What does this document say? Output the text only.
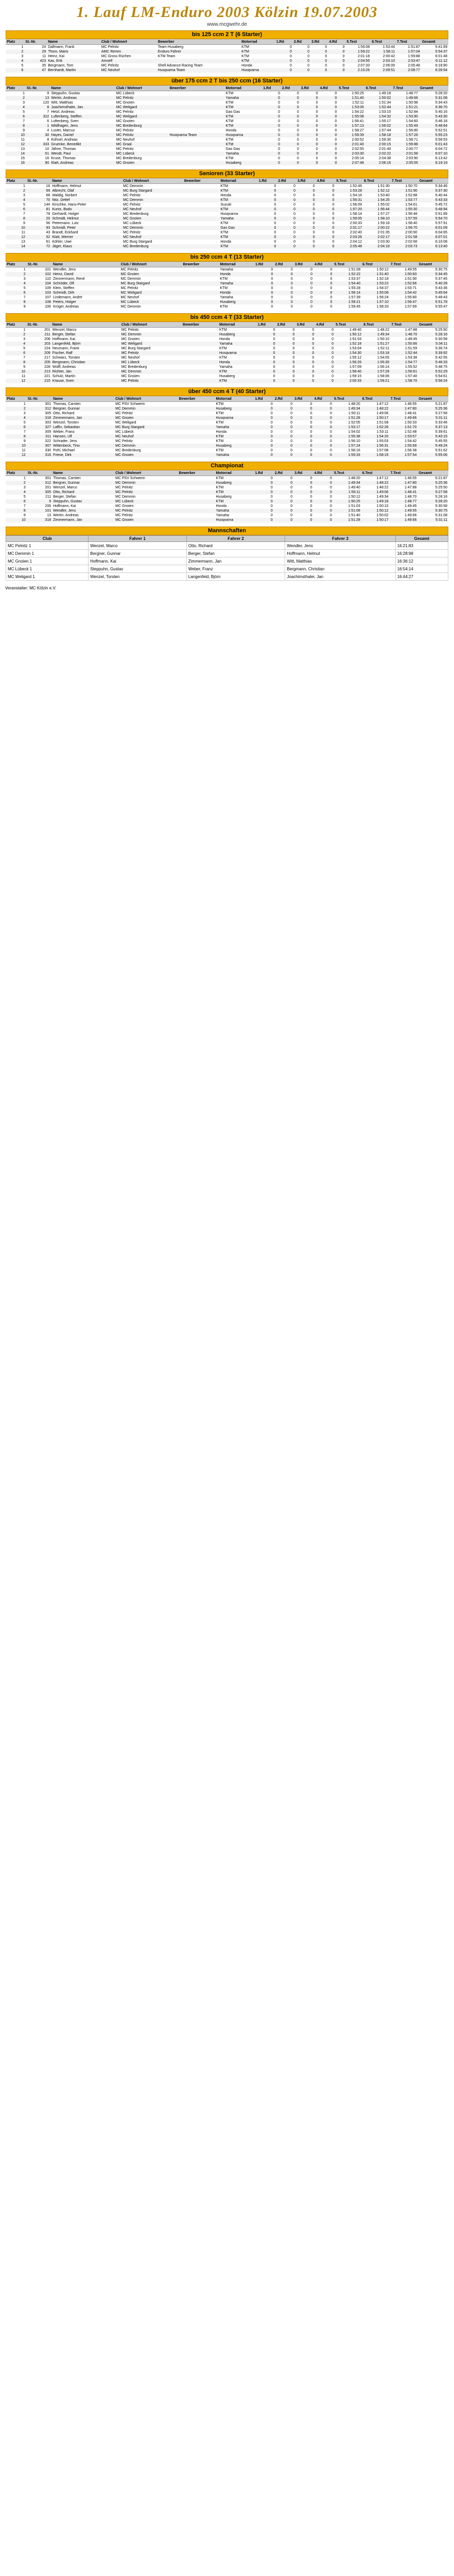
1. Lauf LM-Enduro 2003 Kölzin 19.07.2003
www.mcgwehr.de
bis 125 ccm 2 T (6 Starter)
Platz	St.-Nr.	Name	Club / Wohnort	Bewerber	Motorrad	1.Rd	2.Rd	3.Rd	4.Rd	5.Test	6.Test	7.Test	Gesamt
1	24	Dallmann, Frank	MC Pelnitz	Team Husaberg	KTM	0	0	0	0	1:56:08	1:53:44	1:51:87	5:41:69
2	29	Thom, Mario	AMC Remm	Enduro Fahrer	KTM	0	0	0	0	1:59:22	1:58:11	1:57:04	5:54:37
3	11	Heinz, Kai	MC Gross Rüchen	KTM Team	KTM	0	0	0	0	2:01:18	2:00:42	1:59:88	6:01:48
4	423	Kas, Erik	Amself		KTM	0	0	0	0	2:04:55	2:03:10	2:03:47	6:11:12
5	35	Bergmann, Tom	MC Pelnitz	Shell Advance Racing Team	Honda	0	0	0	0	2:07:33	2:06:09	2:05:48	6:18:90
6	47	Bernhardt, Martin	MC Neuhof	Husqvarna Team	Husqvarna	0	0	0	0	2:10:26	2:09:51	2:08:77	6:28:54
über 175 ccm 2 T bis 250 ccm (16 Starter)
Platz	St.-Nr.	Name	Club / Wohnort	Bewerber	Motorrad	1.Rd	2.Rd	3.Rd	4.Rd	5.Test	6.Test	7.Test	Gesamt
1	9	Steppuhn, Gustav	MC Lübeck		KTM	0	0	0	0	1:50:25	1:49:18	1:48:77	5:28:20
2	13	Wertin, Andreas	MC Pelnitz		Yamaha	0	0	0	0	1:51:40	1:50:02	1:49:66	5:31:08
3	120	Witt, Matthias	MC Gnoien		KTM	0	0	0	0	1:52:11	1:51:34	1:50:98	5:34:43
4	8	Joachimsthaler, Jan	MC Weligard		KTM	0	0	0	0	1:53:05	1:52:44	1:51:21	5:36:70
5	7	Hetzl, Andreas	MC Pelnitz		Gas Gas	0	0	0	0	1:54:22	1:53:10	1:52:84	5:40:16
6	322	Luftenberg, Steffen	MC Weligard		KTM	0	0	0	0	1:55:08	1:54:32	1:53:90	5:43:30
7	6	Luftenberg, Sven	MC Gnoien		KTM	0	0	0	0	1:56:41	1:55:17	1:54:60	5:46:18
8	1	Wildhagen, Jens	MC Bredenburg		KTM	0	0	0	0	1:57:13	1:56:02	1:55:49	5:48:64
9	4	Luster, Marcus	MC Pelnitz		Honda	0	0	0	0	1:58:27	1:57:44	1:56:80	5:52:51
10	30	Hayes, Daniel	MC Pelnitz	Husqvarna Team	Husqvarna	0	0	0	0	1:59:39	1:58:18	1:57:26	5:55:23
11	8	Kühnel, Andreas	MC Neuhof		KTM	0	0	0	0	2:00:52	1:59:30	1:58:71	5:58:53
12	333	Gruenke, Benedikt	MC Graal		KTM	0	0	0	0	2:01:40	2:00:15	1:59:88	6:01:43
13	10	Jähne, Thomas	MC Pelnitz		Gas Gas	0	0	0	0	2:02:55	2:01:40	2:00:77	6:04:72
14	51	Wendt, Paul	MC Lübeck		Yamaha	0	0	0	0	2:03:30	2:02:22	2:01:58	6:07:10
15	16	Kruse, Thomas	MC Bredenburg		KTM	0	0	0	0	2:05:14	2:04:38	2:03:90	6:13:42
16	90	Klatt, Andreas	MC Gnoien		Husaberg	0	0	0	0	2:07:48	2:06:16	2:05:55	6:19:19
Senioren (33 Starter)
Platz	St.-Nr.	Name	Club / Wohnort	Bewerber	Motorrad	1.Rd	2.Rd	3.Rd	4.Rd	5.Test	6.Test	7.Test	Gesamt
1	16	Hoffmann, Helmut	MC Demmin		KTM	0	0	0	0	1:52:46	1:51:30	1:50:70	5:34:46
2	69	Albrecht, Olaf	MC Burg Stargard		KTM	0	0	0	0	1:53:28	1:52:12	1:51:90	5:37:30
3	68	Waldig, Norbert	MC Pelnitz		Honda	0	0	0	0	1:54:16	1:53:40	1:52:88	5:40:44
4	70	Nitz, Detlef	MC Demmin		KTM	0	0	0	0	1:55:31	1:54:25	1:53:77	5:43:33
5	144	Kirschke, Hans-Peter	MC Pelnitz		Suzuki	0	0	0	0	1:56:09	1:55:02	1:54:61	5:45:72
6	81	Kuntz, Bodo	MC Neuhof		KTM	0	0	0	0	1:57:20	1:56:44	1:55:30	5:48:94
7	78	Gerhardt, Holger	MC Bredenburg		Husqvarna	0	0	0	0	1:58:14	1:57:27	1:56:48	5:51:89
8	20	Schmidt, Helmut	MC Gnoien		Yamaha	0	0	0	0	1:59:05	1:58:10	1:57:55	5:54:70
9	56	Petermann, Lutz	MC Lübeck		KTM	0	0	0	0	2:00:33	1:59:18	1:58:40	5:57:91
10	93	Schmidt, Peter	MC Demmin		Gas Gas	0	0	0	0	2:01:17	2:00:22	1:59:70	6:01:09
11	43	Brandt, Eckhard	MC Pelnitz		KTM	0	0	0	0	2:02:40	2:01:35	2:00:90	6:04:65
12	52	Klatt, Werner	MC Neuhof		KTM	0	0	0	0	2:03:26	2:02:17	2:01:58	6:07:01
13	61	Köhler, Uwe	MC Burg Stargard		Honda	0	0	0	0	2:04:12	2:03:30	2:02:66	6:10:08
14	72	Jäger, Klaus	MC Bredenburg		KTM	0	0	0	0	2:05:48	2:04:19	2:03:73	6:13:40
bis 250 ccm 4 T (13 Starter)
Platz	St.-Nr.	Name	Club / Wohnort	Bewerber	Motorrad	1.Rd	2.Rd	3.Rd	4.Rd	5.Test	6.Test	7.Test	Gesamt
1	101	Wendler, Jens	MC Pelnitz		Yamaha	0	0	0	0	1:51:08	1:50:12	1:49:55	5:30:75
2	102	Heinz, David	MC Gnoien		Honda	0	0	0	0	1:52:22	1:51:40	1:50:83	5:34:45
3	110	Zimmermann, René	MC Demmin		KTM	0	0	0	0	1:53:37	1:52:18	1:51:90	5:37:45
4	104	Schröder, Olf	MC Burg Stargard		Yamaha	0	0	0	0	1:54:40	1:53:22	1:52:66	5:40:28
5	109	Klein, Steffen	MC Pelnitz		KTM	0	0	0	0	1:55:28	1:54:37	1:53:71	5:43:36
6	103	Schmidt, Dirk	MC Weligard		Honda	0	0	0	0	1:56:14	1:55:08	1:54:42	5:45:64
7	107	Lindemann, André	MC Neuhof		Yamaha	0	0	0	0	1:57:39	1:56:24	1:55:80	5:49:43
8	108	Peters, Holger	MC Lübeck		Husaberg	0	0	0	0	1:58:21	1:57:10	1:56:47	5:51:78
9	106	Krüger, Andreas	MC Demmin		KTM	0	0	0	0	1:59:45	1:58:33	1:57:69	5:55:47
bis 450 ccm 4 T (33 Starter)
Platz	St.-Nr.	Name	Club / Wohnort	Bewerber	Motorrad	1.Rd	2.Rd	3.Rd	4.Rd	5.Test	6.Test	7.Test	Gesamt
1	201	Wenzel, Marco	MC Pelnitz		KTM	0	0	0	0	1:49:40	1:48:22	1:47:88	5:25:50
2	211	Berger, Stefan	MC Demmin		Husaberg	0	0	0	0	1:50:12	1:49:34	1:48:70	5:28:16
3	206	Hoffmann, Kai	MC Gnoien		Honda	0	0	0	0	1:51:03	1:50:10	1:49:45	5:30:58
4	203	Langenfeld, Björn	MC Weligard		Yamaha	0	0	0	0	1:52:18	1:51:27	1:50:66	5:34:11
5	224	Neumann, Frank	MC Burg Stargard		KTM	0	0	0	0	1:53:04	1:52:11	1:51:59	5:36:74
6	209	Fischer, Ralf	MC Pelnitz		Husqvarna	0	0	0	0	1:54:30	1:53:18	1:52:44	5:39:92
7	217	Schwarz, Torsten	MC Neuhof		KTM	0	0	0	0	1:55:12	1:54:05	1:53:38	5:42:55
8	205	Bergmann, Christian	MC Lübeck		Honda	0	0	0	0	1:56:26	1:55:30	1:54:77	5:46:33
9	228	Wolff, Andreas	MC Bredenburg		Yamaha	0	0	0	0	1:57:09	1:56:14	1:55:52	5:48:75
10	213	Richter, Jan	MC Demmin		KTM	0	0	0	0	1:58:40	1:57:28	1:56:61	5:52:29
11	221	Schulz, Martin	MC Gnoien		Husaberg	0	0	0	0	1:59:15	1:58:06	1:57:40	5:54:61
12	215	Krause, Sven	MC Pelnitz		KTM	0	0	0	0	2:00:33	1:59:21	1:58:70	5:58:24
über 450 ccm 4 T (40 Starter)
Platz	St.-Nr.	Name	Club / Wohnort	Bewerber	Motorrad	1.Rd	2.Rd	3.Rd	4.Rd	5.Test	6.Test	7.Test	Gesamt
1	301	Thomas, Carsten	MC PSV Schwerin		KTM	0	0	0	0	1:48:20	1:47:12	1:46:55	5:21:87
2	312	Bergner, Gunnar	MC Demmin		Husaberg	0	0	0	0	1:49:34	1:48:22	1:47:80	5:25:36
3	305	Otto, Richard	MC Pelnitz		KTM	0	0	0	0	1:50:11	1:49:06	1:48:41	5:27:58
4	318	Zimmermann, Jan	MC Gnoien		Husqvarna	0	0	0	0	1:51:28	1:50:17	1:49:66	5:31:11
5	303	Wenzel, Torsten	MC Weligard		KTM	0	0	0	0	1:52:05	1:51:08	1:50:33	5:33:46
6	327	Laffin, Sebastian	MC Burg Stargard		Yamaha	0	0	0	0	1:53:17	1:52:26	1:51:70	5:37:13
7	309	Weber, Franz	MC Lübeck		Honda	0	0	0	0	1:54:02	1:53:11	1:52:48	5:39:61
8	311	Hansen, Ulf	MC Neuhof		KTM	0	0	0	0	1:55:38	1:54:20	1:53:57	5:43:15
9	322	Schrader, Jens	MC Pelnitz		KTM	0	0	0	0	1:56:10	1:55:03	1:54:42	5:45:55
10	307	Wittenbeck, Tino	MC Demmin		Husaberg	0	0	0	0	1:57:24	1:56:31	1:55:69	5:49:24
11	330	Pohl, Michael	MC Bredenburg		KTM	0	0	0	0	1:58:16	1:57:08	1:56:38	5:51:62
12	316	Friese, Dirk	MC Gnoien		Yamaha	0	0	0	0	1:59:33	1:58:19	1:57:54	5:55:06
Championat
Platz	St.-Nr.	Name	Club / Wohnort	Bewerber	Motorrad	1.Rd	2.Rd	3.Rd	4.Rd	5.Test	6.Test	7.Test	Gesamt
1	301	Thomas, Carsten	MC PSV Schwerin		KTM	0	0	0	0	1:48:20	1:47:12	1:46:55	5:21:87
2	312	Bergner, Gunnar	MC Demmin		Husaberg	0	0	0	0	1:49:34	1:48:22	1:47:80	5:25:36
3	201	Wenzel, Marco	MC Pelnitz		KTM	0	0	0	0	1:49:40	1:48:22	1:47:88	5:25:50
4	305	Otto, Richard	MC Pelnitz		KTM	0	0	0	0	1:50:11	1:49:06	1:48:41	5:27:58
5	211	Berger, Stefan	MC Demmin		Husaberg	0	0	0	0	1:50:12	1:49:34	1:48:70	5:28:16
6	9	Steppuhn, Gustav	MC Lübeck		KTM	0	0	0	0	1:50:25	1:49:18	1:48:77	5:28:20
7	206	Hoffmann, Kai	MC Gnoien		Honda	0	0	0	0	1:51:03	1:50:10	1:49:45	5:30:58
8	101	Wendler, Jens	MC Pelnitz		Yamaha	0	0	0	0	1:51:08	1:50:12	1:49:55	5:30:75
9	13	Wertin, Andreas	MC Pelnitz		Yamaha	0	0	0	0	1:51:40	1:50:02	1:49:66	5:31:08
10	318	Zimmermann, Jan	MC Gnoien		Husqvarna	0	0	0	0	1:51:28	1:50:17	1:49:66	5:31:11
Mannschaften
Club	Fahrer 1	Fahrer 2	Fahrer 3	Gesamt
MC Pelnitz 1	Wenzel, Marco	Otto, Richard	Wendler, Jens	16:21:83
MC Demmin 1	Bergner, Gunnar	Berger, Stefan	Hoffmann, Helmut	16:28:98
MC Gnoien 1	Hoffmann, Kai	Zimmermann, Jan	Witt, Matthias	16:36:12
MC Lübeck 1	Steppuhn, Gustav	Weber, Franz	Bergmann, Christian	16:54:14
MC Weligard 1	Wenzel, Torsten	Langenfeld, Björn	Joachimsthaler, Jan	16:44:27
Veranstalter: MC Kölzin e.V.
